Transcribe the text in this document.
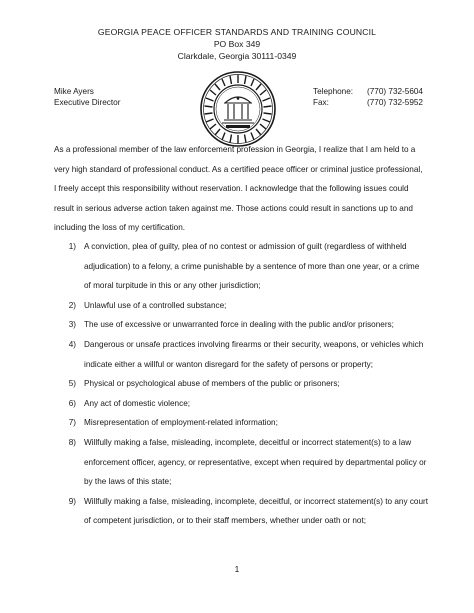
GEORGIA PEACE OFFICER STANDARDS AND TRAINING COUNCIL
PO Box 349
Clarkdale, Georgia 30111-0349
Mike Ayers
Executive Director
Telephone: (770) 732-5604
Fax:	(770) 732-5952

As a professional member of the law enforcement profession in Georgia, I realize that I am held to a very high standard of professional conduct. As a certified peace officer or criminal justice professional, I freely accept this responsibility without reservation. I acknowledge that the following issues could result in serious adverse action taken against me. Those actions could result in sanctions up to and including the loss of my certification.

1) A conviction, plea of guilty, plea of no contest or admission of guilt (regardless of withheld adjudication) to a felony, a crime punishable by a sentence of more than one year, or a crime of moral turpitude in this or any other jurisdiction;
2) Unlawful use of a controlled substance;
3) The use of excessive or unwarranted force in dealing with the public and/or prisoners;
4) Dangerous or unsafe practices involving firearms or their security, weapons, or vehicles which indicate either a willful or wanton disregard for the safety of persons or property;
5) Physical or psychological abuse of members of the public or prisoners;
6) Any act of domestic violence;
7) Misrepresentation of employment-related information;
8) Willfully making a false, misleading, incomplete, deceitful or incorrect statement(s) to a law enforcement officer, agency, or representative, except when required by departmental policy or by the laws of this state;
9) Willfully making a false, misleading, incomplete, deceitful, or incorrect statement(s) to any court of competent jurisdiction, or to their staff members, whether under oath or not;
1
